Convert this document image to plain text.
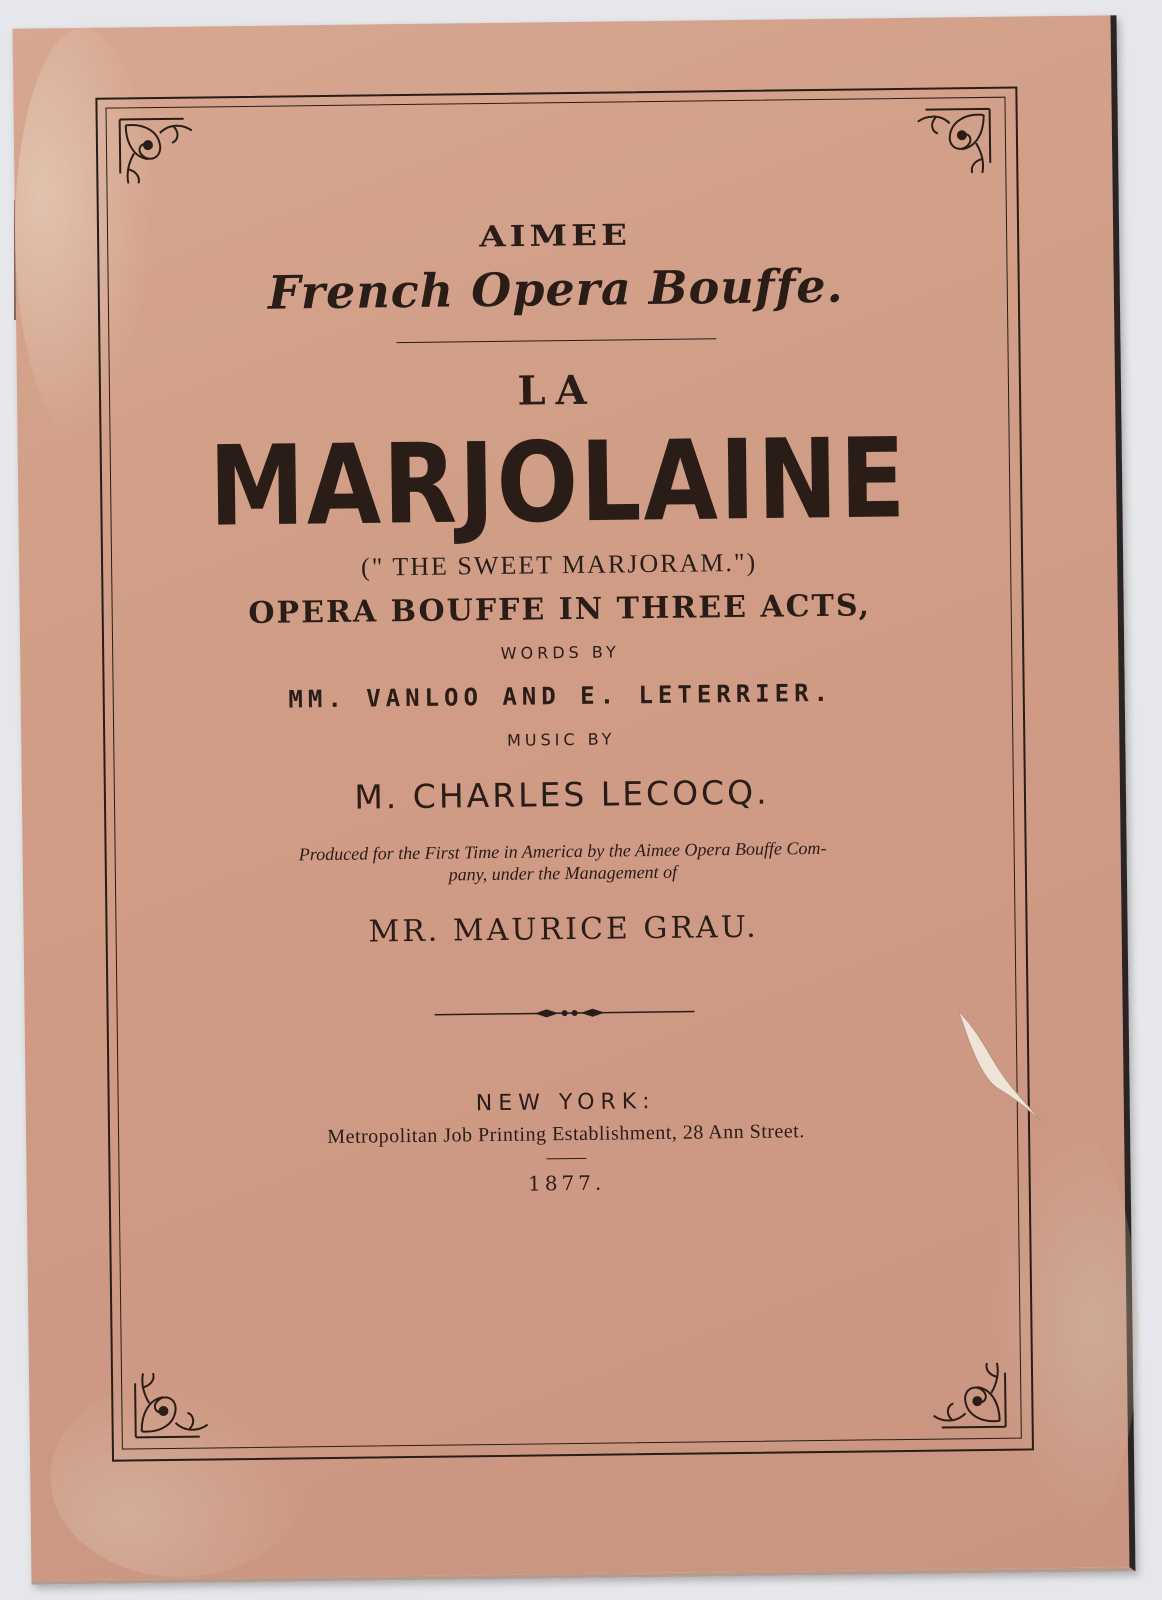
AIMEE
French Opera Bouffe.
LA
MARJOLAINE
(" THE SWEET MARJORAM.")
OPERA BOUFFE IN THREE ACTS,
WORDS BY
MM. VANLOO AND E. LETERRIER.
MUSIC BY
M. CHARLES LECOCQ.
Produced for the First Time in America by the Aimee Opera Bouffe Com-
pany, under the Management of
MR. MAURICE GRAU.
NEW YORK:
Metropolitan Job Printing Establishment, 28 Ann Street.
1877.
